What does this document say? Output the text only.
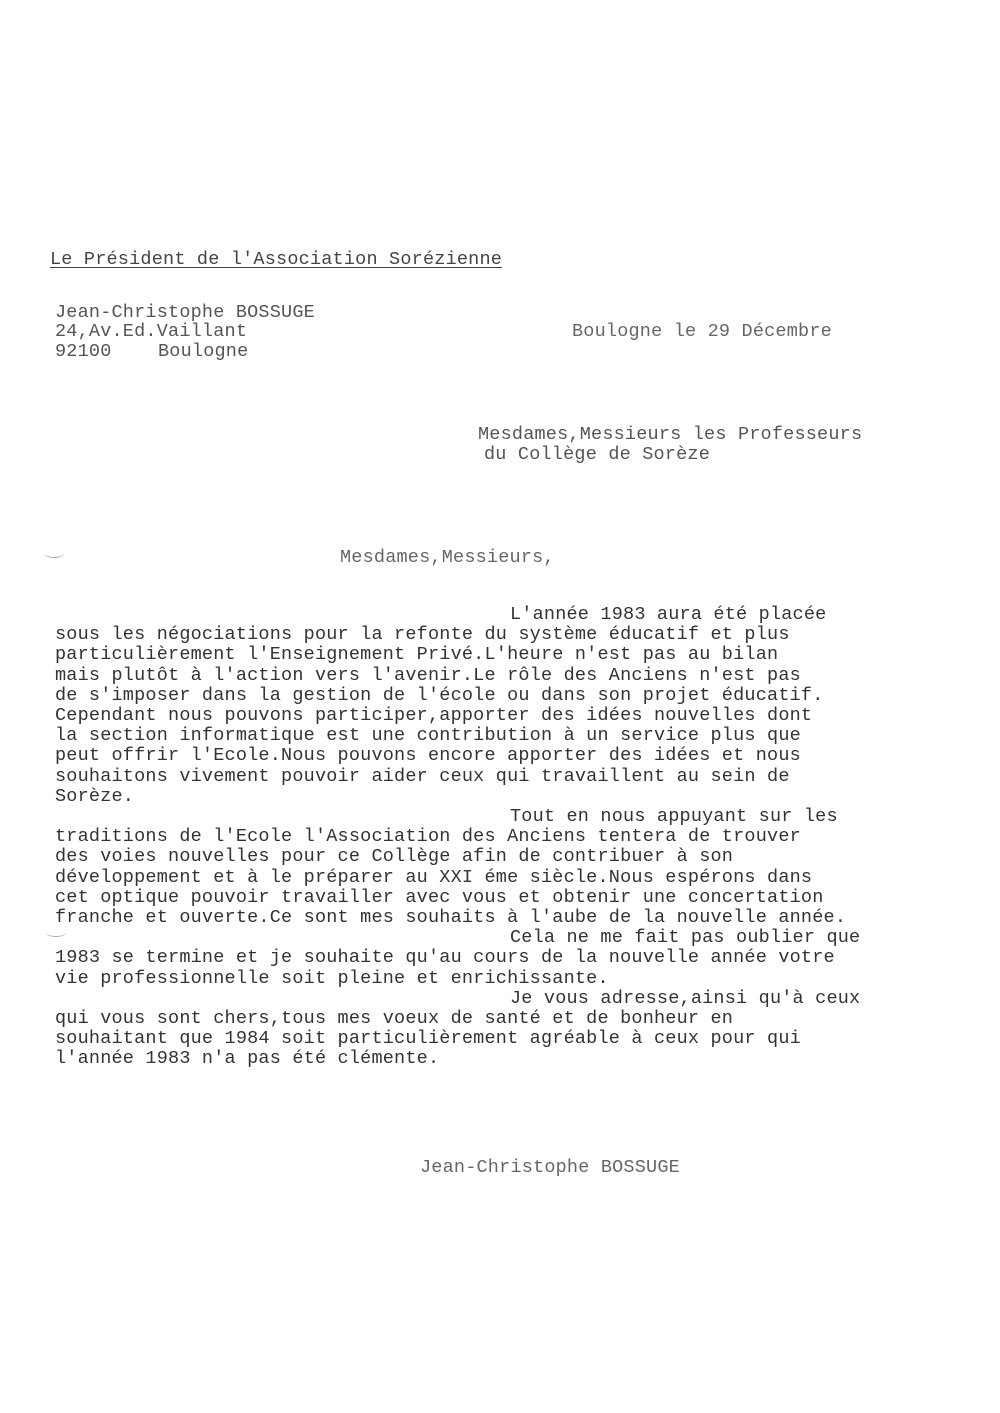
Le Président de l'Association Sorézienne
Jean-Christophe BOSSUGE
24,Av.Ed.Vaillant
92100	Boulogne
Boulogne le 29 Décembre
Mesdames,Messieurs les Professeurs
du Collège de Sorèze
Mesdames,Messieurs,
L'année 1983 aura été placée
sous les négociations pour la refonte du système éducatif et plus
particulièrement l'Enseignement Privé.L'heure n'est pas au bilan
mais plutôt à l'action vers l'avenir.Le rôle des Anciens n'est pas
de s'imposer dans la gestion de l'école ou dans son projet éducatif.
Cependant nous pouvons participer,apporter des idées nouvelles dont
la section informatique est une contribution à un service plus que
peut offrir l'Ecole.Nous pouvons encore apporter des idées et nous
souhaitons vivement pouvoir aider ceux qui travaillent au sein de
Sorèze.
Tout en nous appuyant sur les
traditions de l'Ecole l'Association des Anciens tentera de trouver
des voies nouvelles pour ce Collège afin de contribuer à son
développement et à le préparer au XXI éme siècle.Nous espérons dans
cet optique pouvoir travailler avec vous et obtenir une concertation
franche et ouverte.Ce sont mes souhaits à l'aube de la nouvelle année.
Cela ne me fait pas oublier que
1983 se termine et je souhaite qu'au cours de la nouvelle année votre
vie professionnelle soit pleine et enrichissante.
Je vous adresse,ainsi qu'à ceux
qui vous sont chers,tous mes voeux de santé et de bonheur en
souhaitant que 1984 soit particulièrement agréable à ceux pour qui
l'année 1983 n'a pas été clémente.
Jean-Christophe BOSSUGE
